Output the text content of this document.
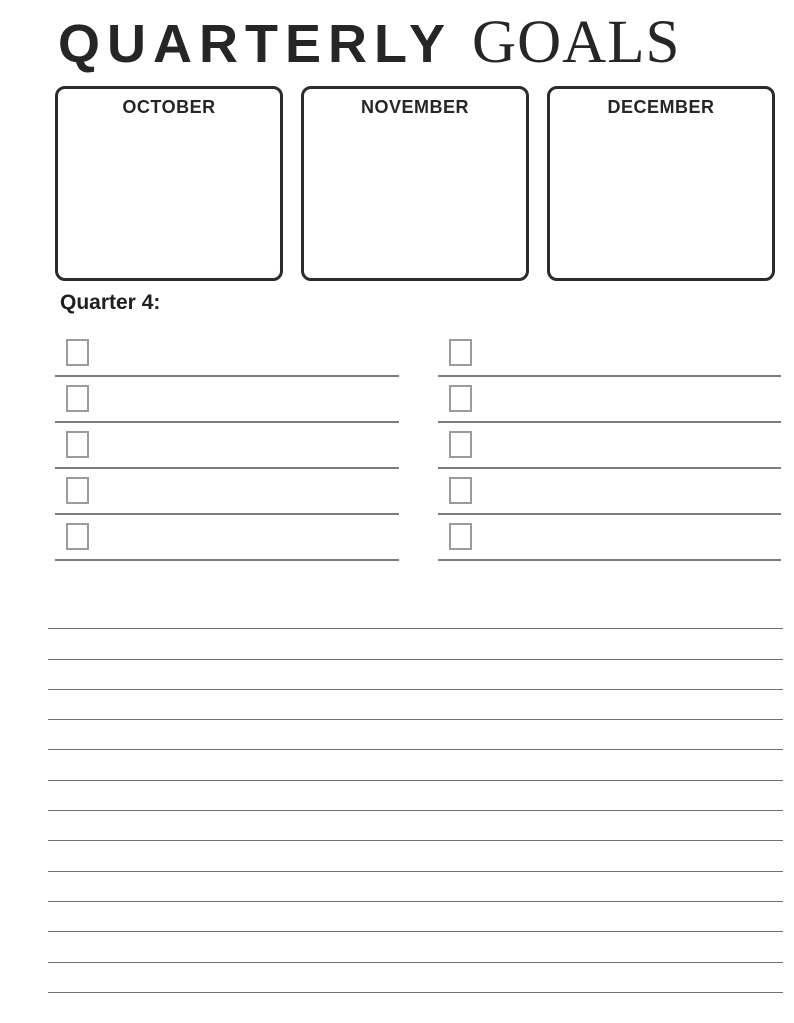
QUARTERLY GOALS
OCTOBER	NOVEMBER	DECEMBER
Quarter 4:
